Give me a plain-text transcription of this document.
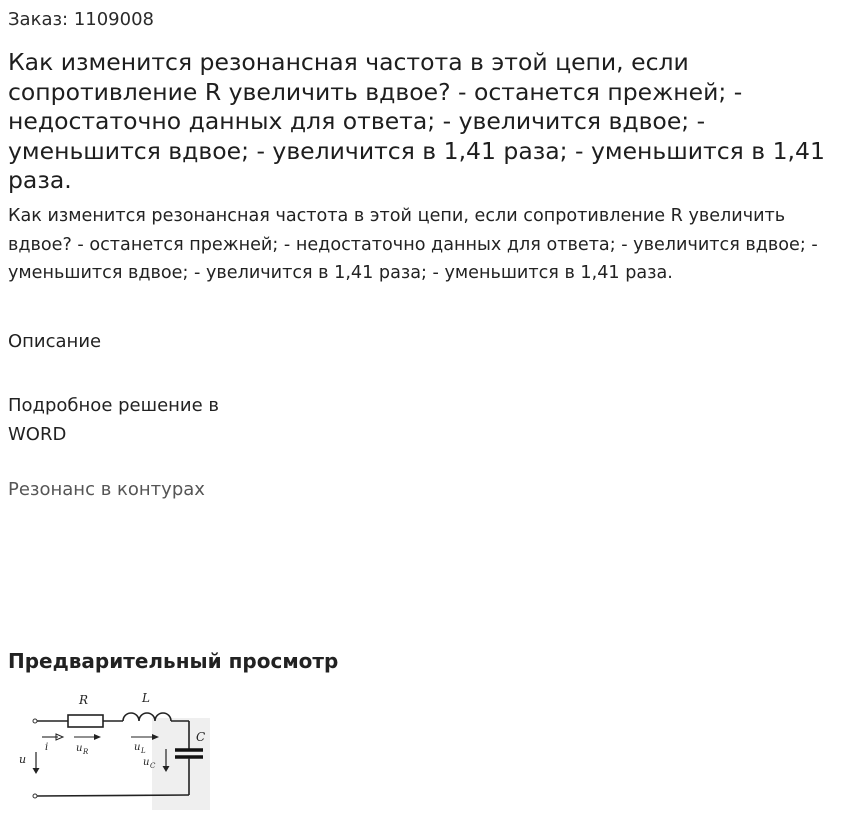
Заказ: 1109008
Как изменится резонансная частота в этой цепи, если сопротивление R увеличить вдвое? - останется прежней; - недостаточно данных для ответа; - увеличится вдвое; - уменьшится вдвое; - увеличится в 1,41 раза; - уменьшится в 1,41 раза.
Как изменится резонансная частота в этой цепи, если сопротивление R увеличить вдвое? - останется прежней; - недостаточно данных для ответа; - увеличится вдвое; - уменьшится вдвое; - увеличится в 1,41 раза; - уменьшится в 1,41 раза.
Описание
Подробное решение в WORD
Резонанс в контурах
Предварительный просмотр
u
i	u R	u L
u C
R	L
C
